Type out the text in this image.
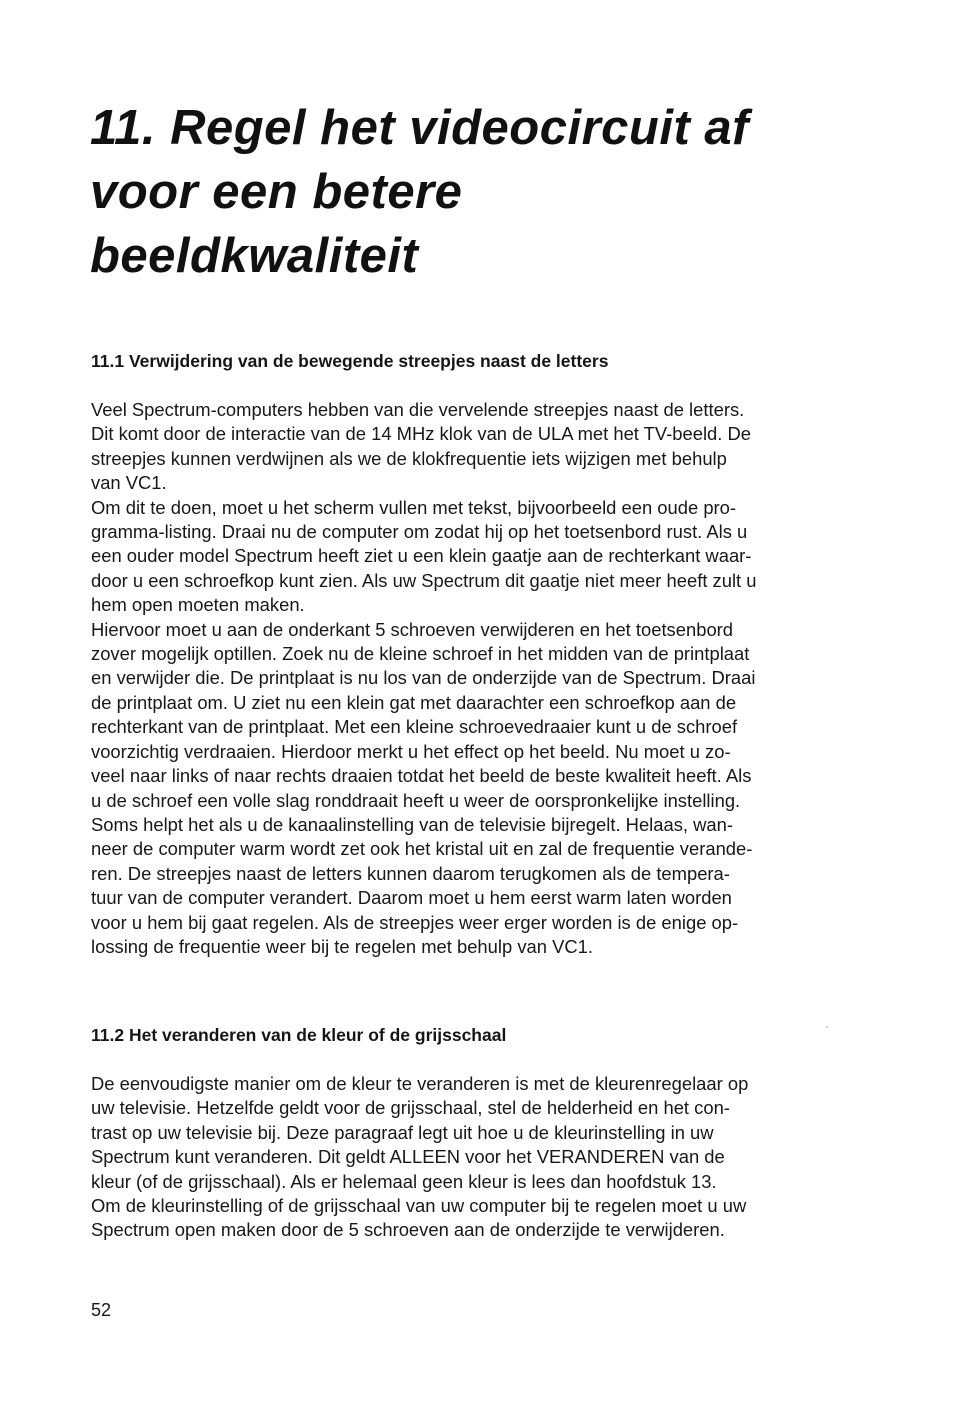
11. Regel het videocircuit af
voor een betere
beeldkwaliteit
11.1 Verwijdering van de bewegende streepjes naast de letters
Veel Spectrum-computers hebben van die vervelende streepjes naast de letters.
Dit komt door de interactie van de 14 MHz klok van de ULA met het TV-beeld. De
streepjes kunnen verdwijnen als we de klokfrequentie iets wijzigen met behulp
van VC1.
Om dit te doen, moet u het scherm vullen met tekst, bijvoorbeeld een oude pro-
gramma-listing. Draai nu de computer om zodat hij op het toetsenbord rust. Als u
een ouder model Spectrum heeft ziet u een klein gaatje aan de rechterkant waar-
door u een schroefkop kunt zien. Als uw Spectrum dit gaatje niet meer heeft zult u
hem open moeten maken.
Hiervoor moet u aan de onderkant 5 schroeven verwijderen en het toetsenbord
zover mogelijk optillen. Zoek nu de kleine schroef in het midden van de printplaat
en verwijder die. De printplaat is nu los van de onderzijde van de Spectrum. Draai
de printplaat om. U ziet nu een klein gat met daarachter een schroefkop aan de
rechterkant van de printplaat. Met een kleine schroevedraaier kunt u de schroef
voorzichtig verdraaien. Hierdoor merkt u het effect op het beeld. Nu moet u zo-
veel naar links of naar rechts draaien totdat het beeld de beste kwaliteit heeft. Als
u de schroef een volle slag ronddraait heeft u weer de oorspronkelijke instelling.
Soms helpt het als u de kanaalinstelling van de televisie bijregelt. Helaas, wan-
neer de computer warm wordt zet ook het kristal uit en zal de frequentie verande-
ren. De streepjes naast de letters kunnen daarom terugkomen als de tempera-
tuur van de computer verandert. Daarom moet u hem eerst warm laten worden
voor u hem bij gaat regelen. Als de streepjes weer erger worden is de enige op-
lossing de frequentie weer bij te regelen met behulp van VC1.
11.2 Het veranderen van de kleur of de grijsschaal
De eenvoudigste manier om de kleur te veranderen is met de kleurenregelaar op
uw televisie. Hetzelfde geldt voor de grijsschaal, stel de helderheid en het con-
trast op uw televisie bij. Deze paragraaf legt uit hoe u de kleurinstelling in uw
Spectrum kunt veranderen. Dit geldt ALLEEN voor het VERANDEREN van de
kleur (of de grijsschaal). Als er helemaal geen kleur is lees dan hoofdstuk 13.
Om de kleurinstelling of de grijsschaal van uw computer bij te regelen moet u uw
Spectrum open maken door de 5 schroeven aan de onderzijde te verwijderen.

52
